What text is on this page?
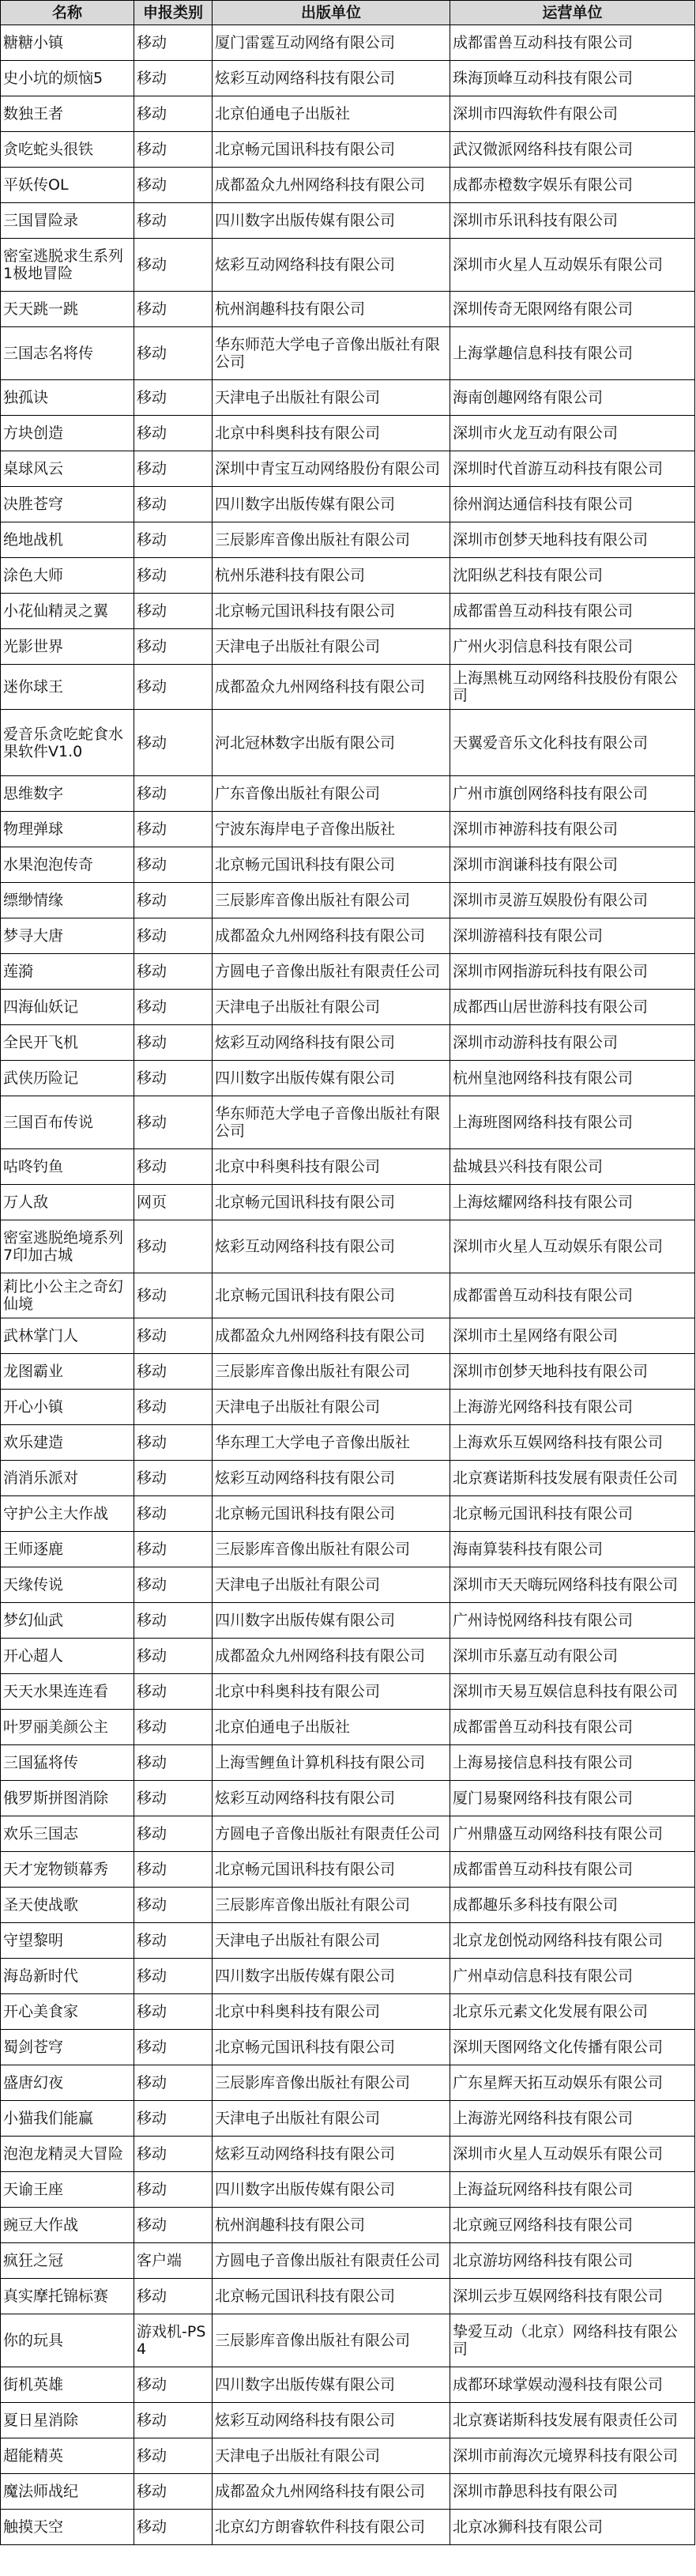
名称	申报类别	出版单位	运营单位
糖糖小镇	移动	厦门雷霆互动网络有限公司	成都雷兽互动科技有限公司
史小坑的烦恼5	移动	炫彩互动网络科技有限公司	珠海顶峰互动科技有限公司
数独王者	移动	北京伯通电子出版社	深圳市四海软件有限公司
贪吃蛇头很铁	移动	北京畅元国讯科技有限公司	武汉微派网络科技有限公司
平妖传OL	移动	成都盈众九州网络科技有限公司	成都赤橙数字娱乐有限公司
三国冒险录	移动	四川数字出版传媒有限公司	深圳市乐讯科技有限公司
密室逃脱求生系列1极地冒险	移动	炫彩互动网络科技有限公司	深圳市火星人互动娱乐有限公司
天天跳一跳	移动	杭州润趣科技有限公司	深圳传奇无限网络有限公司
三国志名将传	移动	华东师范大学电子音像出版社有限公司	上海掌趣信息科技有限公司
独孤诀	移动	天津电子出版社有限公司	海南创趣网络有限公司
方块创造	移动	北京中科奥科技有限公司	深圳市火龙互动有限公司
桌球风云	移动	深圳中青宝互动网络股份有限公司	深圳时代首游互动科技有限公司
决胜苍穹	移动	四川数字出版传媒有限公司	徐州润达通信科技有限公司
绝地战机	移动	三辰影库音像出版社有限公司	深圳市创梦天地科技有限公司
涂色大师	移动	杭州乐港科技有限公司	沈阳纵艺科技有限公司
小花仙精灵之翼	移动	北京畅元国讯科技有限公司	成都雷兽互动科技有限公司
光影世界	移动	天津电子出版社有限公司	广州火羽信息科技有限公司
迷你球王	移动	成都盈众九州网络科技有限公司	上海黑桃互动网络科技股份有限公司
爱音乐贪吃蛇食水果软件V1.0	移动	河北冠林数字出版有限公司	天翼爱音乐文化科技有限公司
思维数字	移动	广东音像出版社有限公司	广州市旗创网络科技有限公司
物理弹球	移动	宁波东海岸电子音像出版社	深圳市神游科技有限公司
水果泡泡传奇	移动	北京畅元国讯科技有限公司	深圳市润谦科技有限公司
缥缈情缘	移动	三辰影库音像出版社有限公司	深圳市灵游互娱股份有限公司
梦寻大唐	移动	成都盈众九州网络科技有限公司	深圳游禧科技有限公司
莲漪	移动	方圆电子音像出版社有限责任公司	深圳市网指游玩科技有限公司
四海仙妖记	移动	天津电子出版社有限公司	成都西山居世游科技有限公司
全民开飞机	移动	炫彩互动网络科技有限公司	深圳市动游科技有限公司
武侠历险记	移动	四川数字出版传媒有限公司	杭州皇池网络科技有限公司
三国百布传说	移动	华东师范大学电子音像出版社有限公司	上海班图网络科技有限公司
咕咚钓鱼	移动	北京中科奥科技有限公司	盐城县兴科技有限公司
万人敌	网页	北京畅元国讯科技有限公司	上海炫耀网络科技有限公司
密室逃脱绝境系列7印加古城	移动	炫彩互动网络科技有限公司	深圳市火星人互动娱乐有限公司
莉比小公主之奇幻仙境	移动	北京畅元国讯科技有限公司	成都雷兽互动科技有限公司
武林掌门人	移动	成都盈众九州网络科技有限公司	深圳市土星网络有限公司
龙图霸业	移动	三辰影库音像出版社有限公司	深圳市创梦天地科技有限公司
开心小镇	移动	天津电子出版社有限公司	上海游光网络科技有限公司
欢乐建造	移动	华东理工大学电子音像出版社	上海欢乐互娱网络科技有限公司
消消乐派对	移动	炫彩互动网络科技有限公司	北京赛诺斯科技发展有限责任公司
守护公主大作战	移动	北京畅元国讯科技有限公司	北京畅元国讯科技有限公司
王师逐鹿	移动	三辰影库音像出版社有限公司	海南算装科技有限公司
天缘传说	移动	天津电子出版社有限公司	深圳市天天嗨玩网络科技有限公司
梦幻仙武	移动	四川数字出版传媒有限公司	广州诗悦网络科技有限公司
开心超人	移动	成都盈众九州网络科技有限公司	深圳市乐嘉互动有限公司
天天水果连连看	移动	北京中科奥科技有限公司	深圳市天易互娱信息科技有限公司
叶罗丽美颜公主	移动	北京伯通电子出版社	成都雷兽互动科技有限公司
三国猛将传	移动	上海雪鲤鱼计算机科技有限公司	上海易接信息科技有限公司
俄罗斯拼图消除	移动	炫彩互动网络科技有限公司	厦门易聚网络科技有限公司
欢乐三国志	移动	方圆电子音像出版社有限责任公司	广州鼎盛互动网络科技有限公司
天才宠物锁幕秀	移动	北京畅元国讯科技有限公司	成都雷兽互动科技有限公司
圣天使战歌	移动	三辰影库音像出版社有限公司	成都趣乐多科技有限公司
守望黎明	移动	天津电子出版社有限公司	北京龙创悦动网络科技有限公司
海岛新时代	移动	四川数字出版传媒有限公司	广州卓动信息科技有限公司
开心美食家	移动	北京中科奥科技有限公司	北京乐元素文化发展有限公司
蜀剑苍穹	移动	北京畅元国讯科技有限公司	深圳天图网络文化传播有限公司
盛唐幻夜	移动	三辰影库音像出版社有限公司	广东星辉天拓互动娱乐有限公司
小猫我们能赢	移动	天津电子出版社有限公司	上海游光网络科技有限公司
泡泡龙精灵大冒险	移动	炫彩互动网络科技有限公司	深圳市火星人互动娱乐有限公司
天谕王座	移动	四川数字出版传媒有限公司	上海益玩网络科技有限公司
豌豆大作战	移动	杭州润趣科技有限公司	北京豌豆网络科技有限公司
疯狂之冠	客户端	方圆电子音像出版社有限责任公司	北京游坊网络科技有限公司
真实摩托锦标赛	移动	北京畅元国讯科技有限公司	深圳云步互娱网络科技有限公司
你的玩具	游戏机-PS4	三辰影库音像出版社有限公司	挚爱互动（北京）网络科技有限公司
街机英雄	移动	四川数字出版传媒有限公司	成都环球掌娱动漫科技有限公司
夏日星消除	移动	炫彩互动网络科技有限公司	北京赛诺斯科技发展有限责任公司
超能精英	移动	天津电子出版社有限公司	深圳市前海次元境界科技有限公司
魔法师战纪	移动	成都盈众九州网络科技有限公司	深圳市静思科技有限公司
触摸天空	移动	北京幻方朗睿软件科技有限公司	北京冰狮科技有限公司
